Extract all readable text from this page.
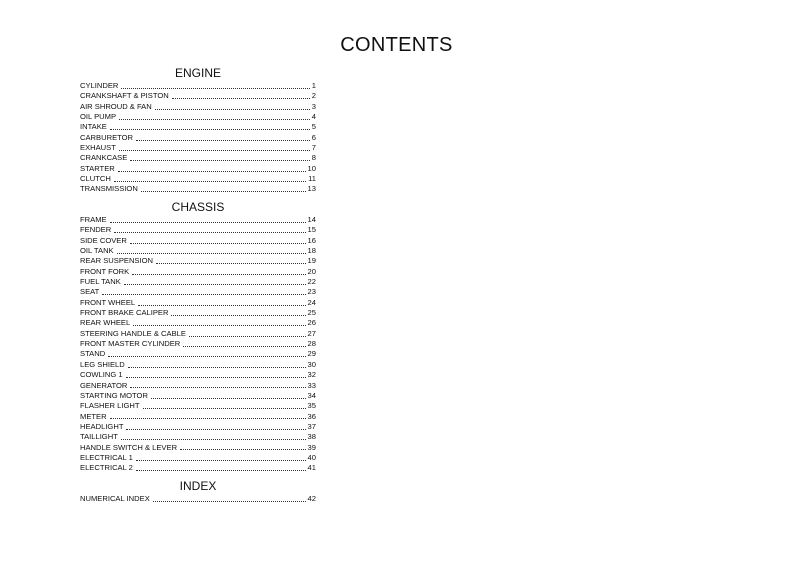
CONTENTS
ENGINE
CYLINDER	1
CRANKSHAFT & PISTON	2
AIR SHROUD & FAN	3
OIL PUMP	4
INTAKE	5
CARBURETOR	6
EXHAUST	7
CRANKCASE	8
STARTER	10
CLUTCH	11
TRANSMISSION	13
CHASSIS
FRAME	14
FENDER	15
SIDE COVER	16
OIL TANK	18
REAR SUSPENSION	19
FRONT FORK	20
FUEL TANK	22
SEAT	23
FRONT WHEEL	24
FRONT BRAKE CALIPER	25
REAR WHEEL	26
STEERING HANDLE & CABLE	27
FRONT MASTER CYLINDER	28
STAND	29
LEG SHIELD	30
COWLING 1	32
GENERATOR	33
STARTING MOTOR	34
FLASHER LIGHT	35
METER	36
HEADLIGHT	37
TAILLIGHT	38
HANDLE SWITCH & LEVER	39
ELECTRICAL 1	40
ELECTRICAL 2	41
INDEX
NUMERICAL INDEX	42
